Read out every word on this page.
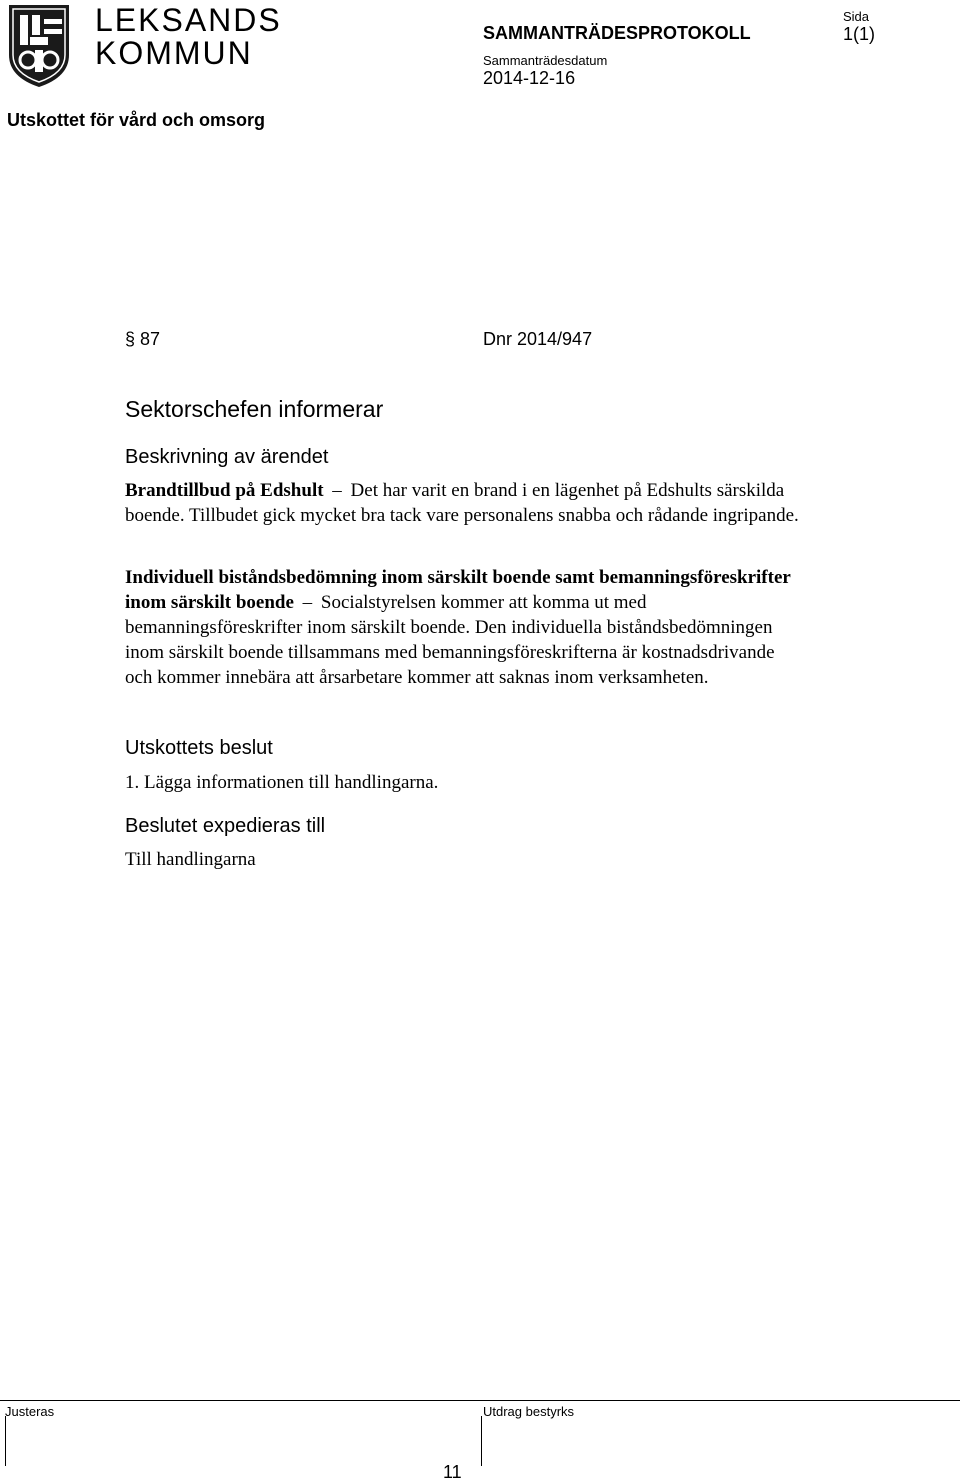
LEKSANDS
KOMMUN
SAMMANTRÄDESPROTOKOLL
Sida
1(1)
Sammanträdesdatum
2014-12-16
Utskottet för vård och omsorg
§ 87	Dnr 2014/947
Sektorschefen informerar
Beskrivning av ärendet
Brandtillbud på Edshult – Det har varit en brand i en lägenhet på Edshults särskilda boende. Tillbudet gick mycket bra tack vare personalens snabba och rådande ingripande.
Individuell biståndsbedömning inom särskilt boende samt bemanningsföreskrifter inom särskilt boende – Socialstyrelsen kommer att komma ut med bemanningsföreskrifter inom särskilt boende. Den individuella biståndsbedömningen inom särskilt boende tillsammans med bemanningsföreskrifterna är kostnadsdrivande och kommer innebära att årsarbetare kommer att saknas inom verksamheten.
Utskottets beslut
1. Lägga informationen till handlingarna.
Beslutet expedieras till
Till handlingarna
Justeras	Utdrag bestyrks
11
